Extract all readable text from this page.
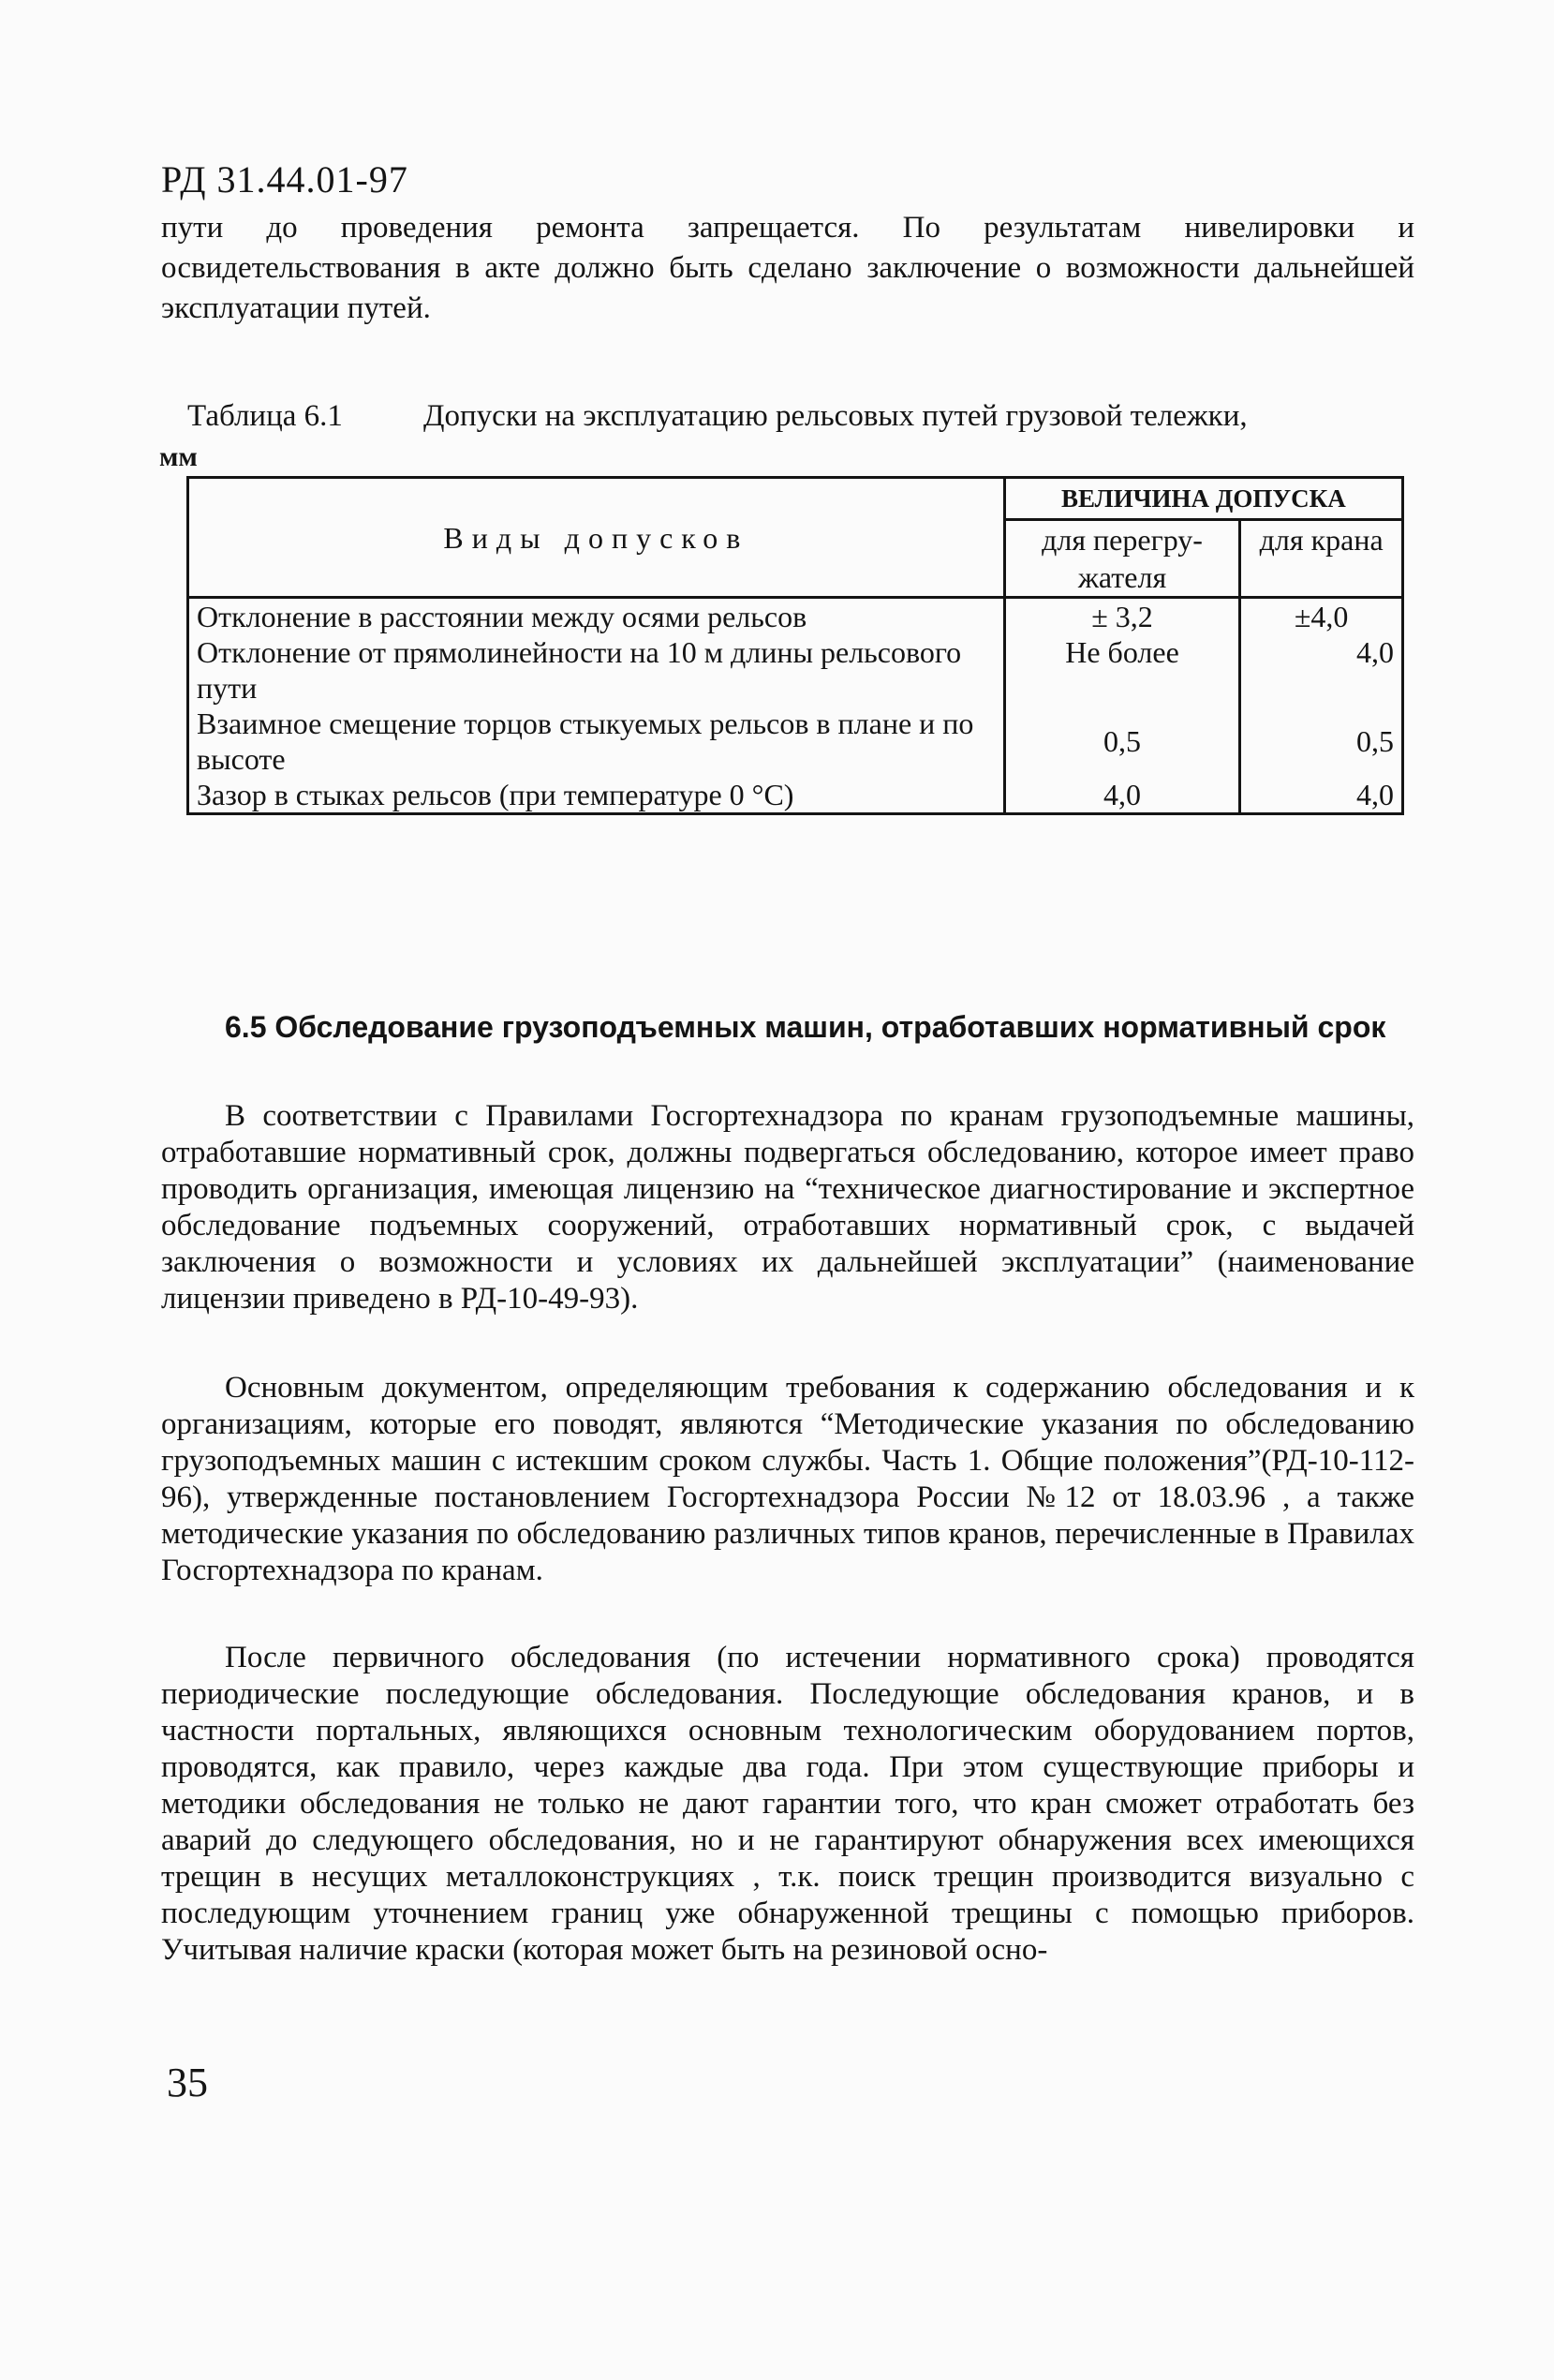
РД 31.44.01-97

пути до проведения ремонта запрещается. По результатам нивелировки и освидетельствования в акте должно быть сделано заключение о возможности дальнейшей эксплуатации путей.

Таблица 6.1	Допуски на эксплуатацию рельсовых путей грузовой тележки,
мм

Виды допусков	ВЕЛИЧИНА ДОПУСКА	
	для перегру-жателя	для крана
Отклонение в расстоянии между осями рельсов	± 3,2	±4,0
Отклонение от прямолинейности на 10 м длины рельсового пути	Не более	4,0
Взаимное смещение торцов стыкуемых рельсов в плане и по высоте	0,5	0,5
Зазор в стыках рельсов (при температуре 0 °С)	4,0	4,0
6.5 Обследование грузоподъемных машин, отработавших нормативный срок

В соответствии с Правилами Госгортехнадзора по кранам грузоподъемные машины, отработавшие нормативный срок, должны подвергаться обследованию, которое имеет право проводить организация, имеющая лицензию на “техническое диагностирование и экспертное обследование подъемных сооружений, отработавших нормативный срок, с выдачей заключения о возможности и условиях их дальнейшей эксплуатации” (наименование лицензии приведено в РД-10-49-93).

Основным документом, определяющим требования к содержанию обследования и к организациям, которые его поводят, являются “Методические указания по обследованию грузоподъемных машин с истекшим сроком службы. Часть 1. Общие положения”(РД-10-112-96), утвержденные постановлением Госгортехнадзора России №12 от 18.03.96 , а также методические указания по обследованию различных типов кранов, перечисленные в Правилах Госгортехнадзора по кранам.

После первичного обследования (по истечении нормативного срока) проводятся периодические последующие обследования. Последующие обследования кранов, и в частности портальных, являющихся основным технологическим оборудованием портов, проводятся, как правило, через каждые два года. При этом существующие приборы и методики обследования не только не дают гарантии того, что кран сможет отработать без аварий до следующего обследования, но и не гарантируют обнаружения всех имеющихся трещин в несущих металлоконструкциях , т.к. поиск трещин производится визуально с последующим уточнением границ уже обнаруженной трещины с помощью приборов. Учитывая наличие краски (которая может быть на резиновой осно-

35
